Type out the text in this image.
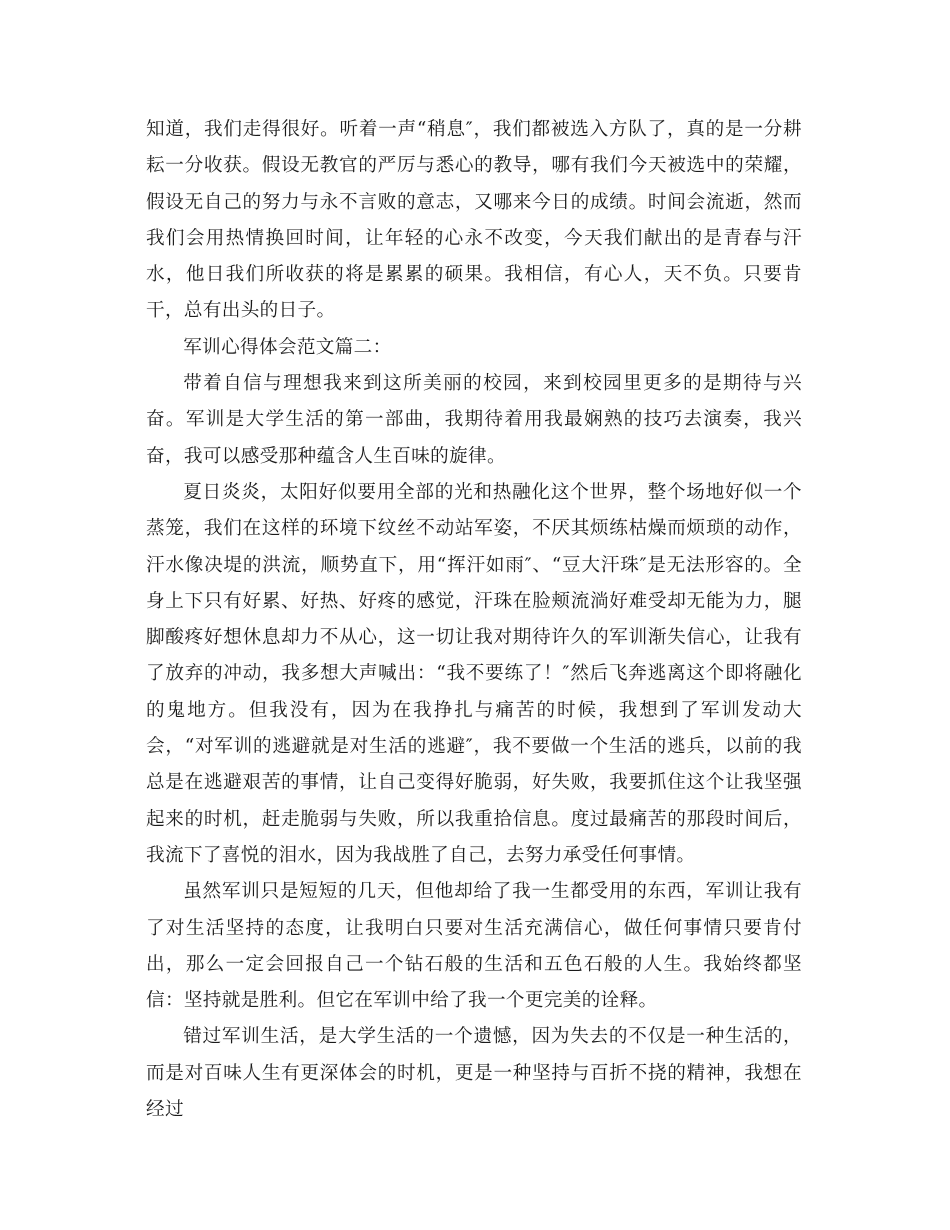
知道，我们走得很好。听着一声“稍息″，我们都被选入方队了，真的是一分耕耘一分收获。假设无教官的严厉与悉心的教导，哪有我们今天被选中的荣耀，假设无自己的努力与永不言败的意志，又哪来今日的成绩。时间会流逝，然而我们会用热情换回时间，让年轻的心永不改变，今天我们献出的是青春与汗水，他日我们所收获的将是累累的硕果。我相信，有心人，天不负。只要肯干，总有出头的日子。

军训心得体会范文篇二：

带着自信与理想我来到这所美丽的校园，来到校园里更多的是期待与兴奋。军训是大学生活的第一部曲，我期待着用我最娴熟的技巧去演奏，我兴奋，我可以感受那种蕴含人生百味的旋律。

夏日炎炎，太阳好似要用全部的光和热融化这个世界，整个场地好似一个蒸笼，我们在这样的环境下纹丝不动站军姿，不厌其烦练枯燥而烦琐的动作，汗水像决堤的洪流，顺势直下，用“挥汗如雨″、“豆大汗珠″是无法形容的。全身上下只有好累、好热、好疼的感觉，汗珠在脸颊流淌好难受却无能为力，腿脚酸疼好想休息却力不从心，这一切让我对期待许久的军训渐失信心，让我有了放弃的冲动，我多想大声喊出：“我不要练了！″然后飞奔逃离这个即将融化的鬼地方。但我没有，因为在我挣扎与痛苦的时候，我想到了军训发动大会，“对军训的逃避就是对生活的逃避″，我不要做一个生活的逃兵，以前的我总是在逃避艰苦的事情，让自己变得好脆弱，好失败，我要抓住这个让我坚强起来的时机，赶走脆弱与失败，所以我重拾信息。度过最痛苦的那段时间后，我流下了喜悦的泪水，因为我战胜了自己，去努力承受任何事情。

虽然军训只是短短的几天，但他却给了我一生都受用的东西，军训让我有了对生活坚持的态度，让我明白只要对生活充满信心，做任何事情只要肯付出，那么一定会回报自己一个钻石般的生活和五色石般的人生。我始终都坚信：坚持就是胜利。但它在军训中给了我一个更完美的诠释。

错过军训生活，是大学生活的一个遗憾，因为失去的不仅是一种生活的，而是对百味人生有更深体会的时机，更是一种坚持与百折不挠的精神，我想在经过
